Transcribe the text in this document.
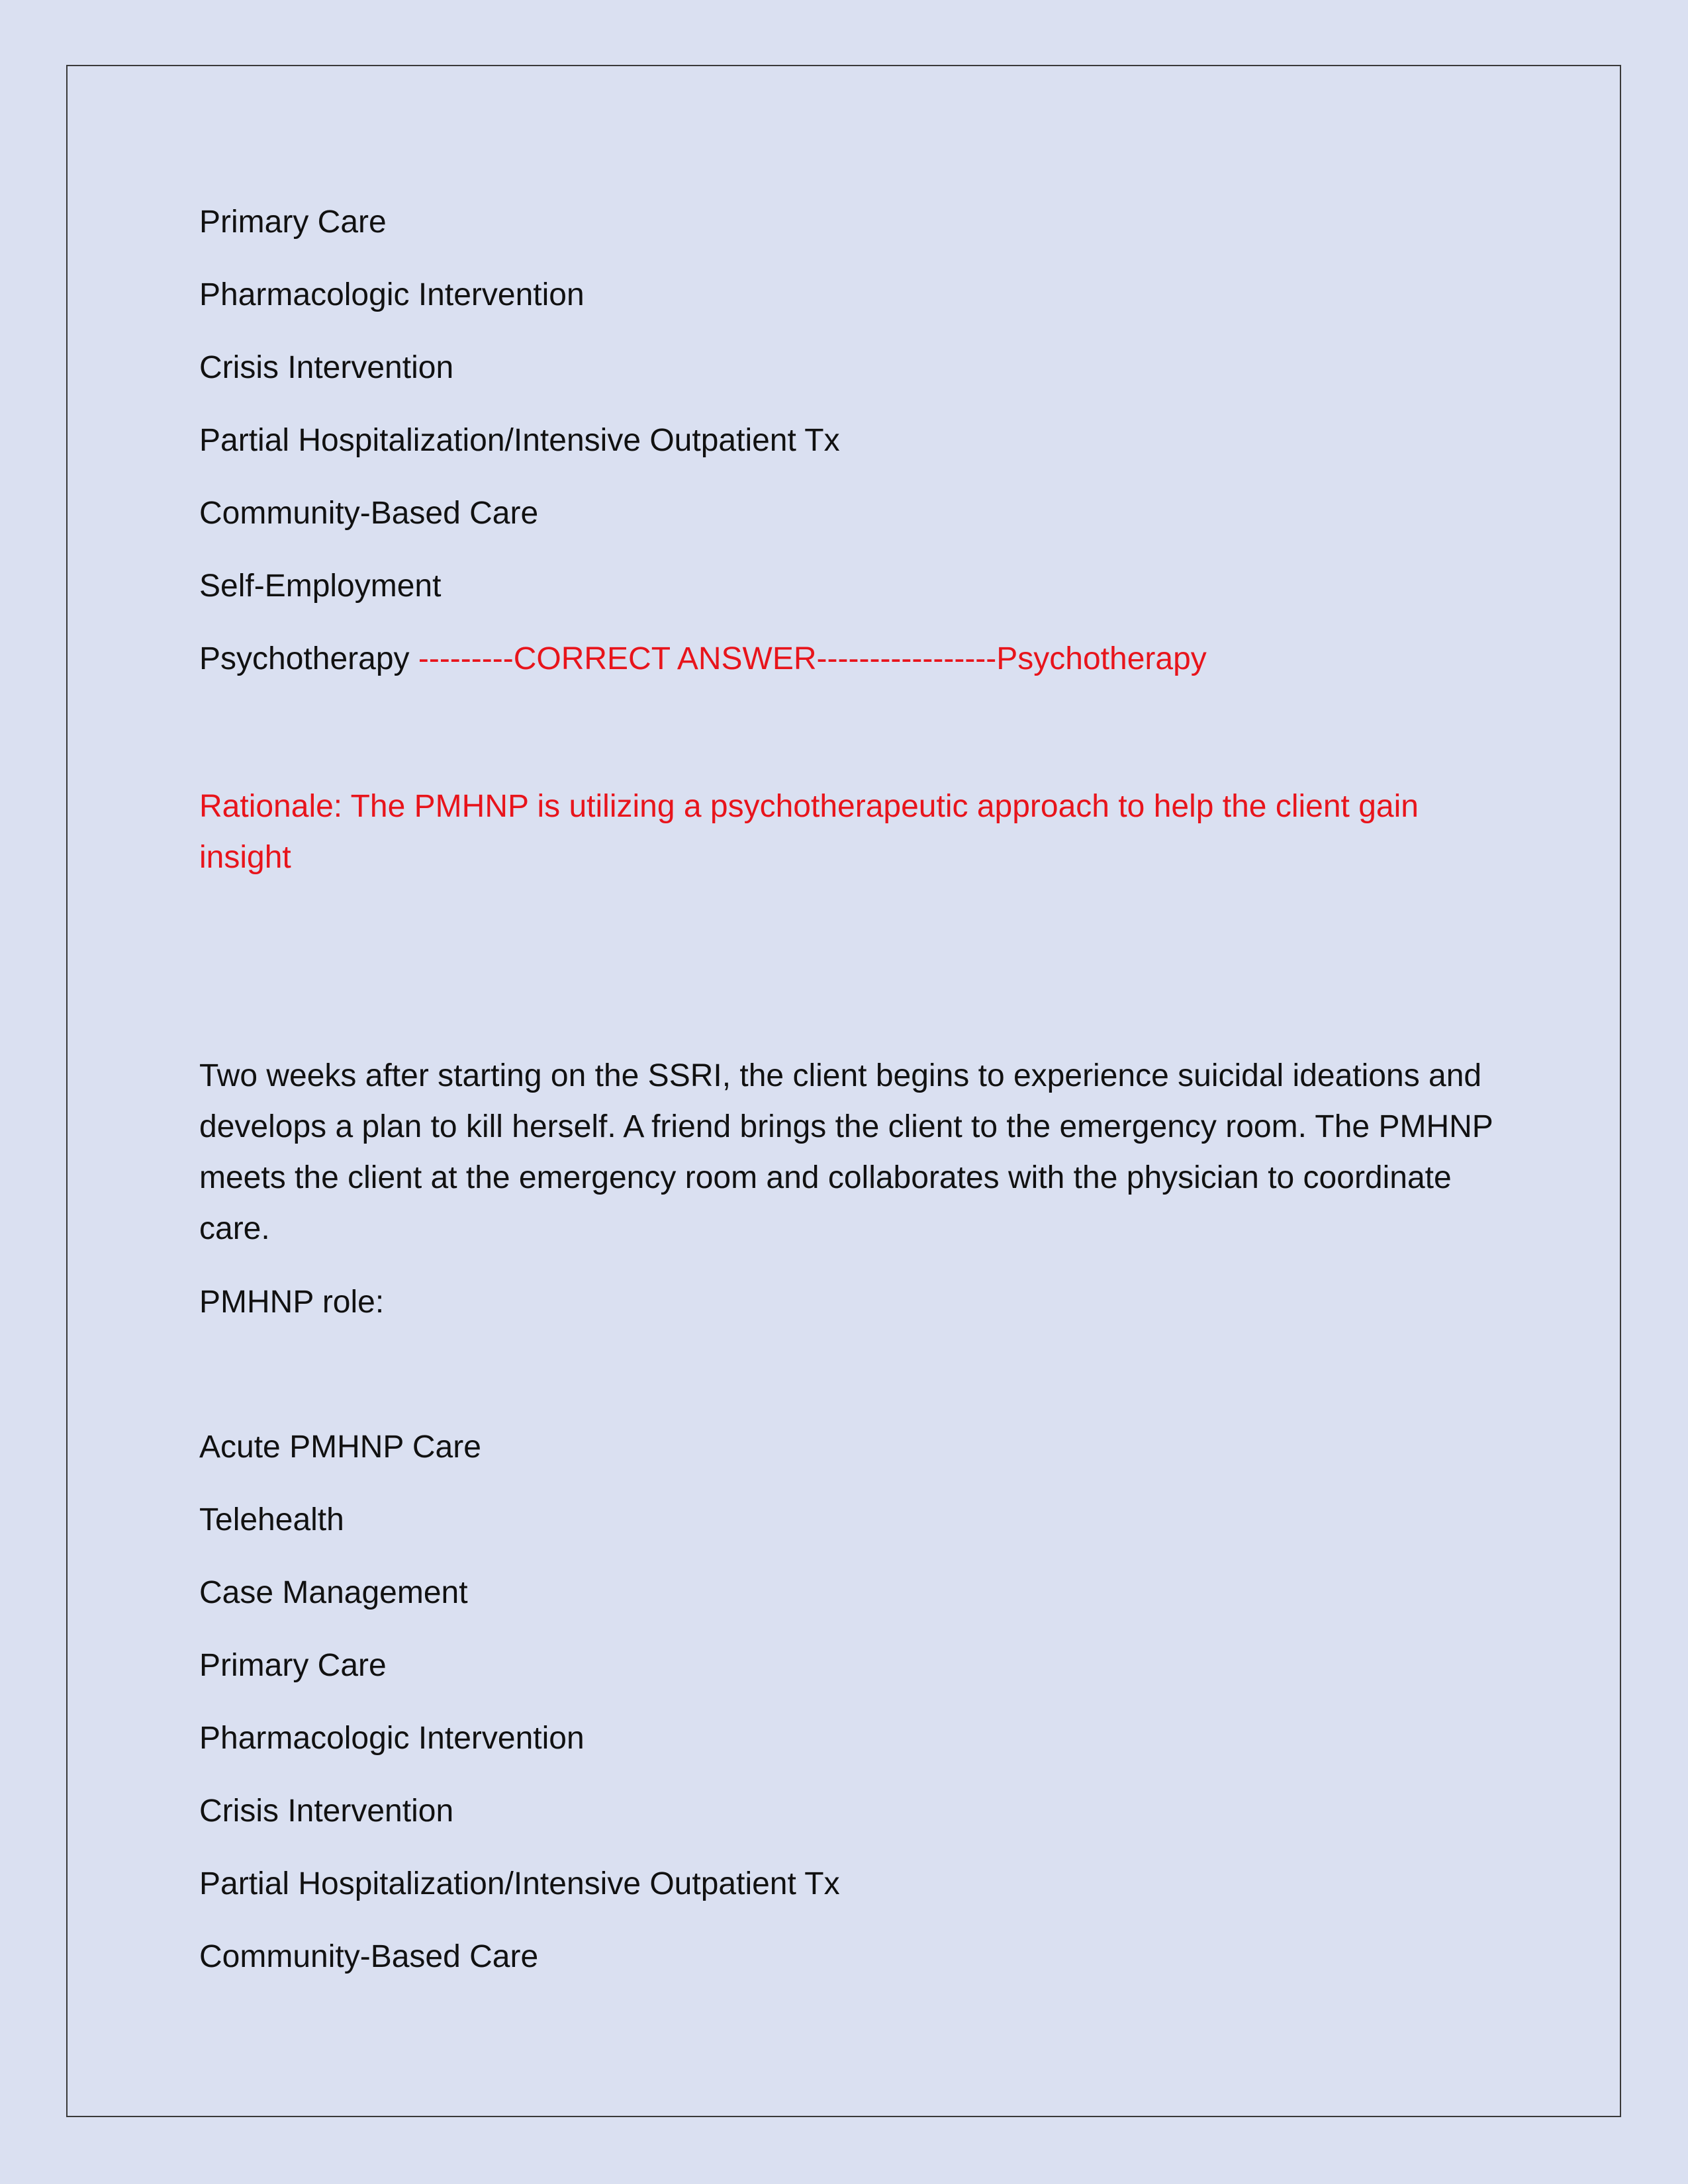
Primary Care

Pharmacologic Intervention

Crisis Intervention

Partial Hospitalization/Intensive Outpatient Tx

Community-Based Care

Self-Employment

Psychotherapy ---------CORRECT ANSWER-----------------Psychotherapy

Rationale: The PMHNP is utilizing a psychotherapeutic approach to help the client gain insight

Two weeks after starting on the SSRI, the client begins to experience suicidal ideations and develops a plan to kill herself. A friend brings the client to the emergency room. The PMHNP meets the client at the emergency room and collaborates with the physician to coordinate care.

PMHNP role:

Acute PMHNP Care

Telehealth

Case Management

Primary Care

Pharmacologic Intervention

Crisis Intervention

Partial Hospitalization/Intensive Outpatient Tx

Community-Based Care
